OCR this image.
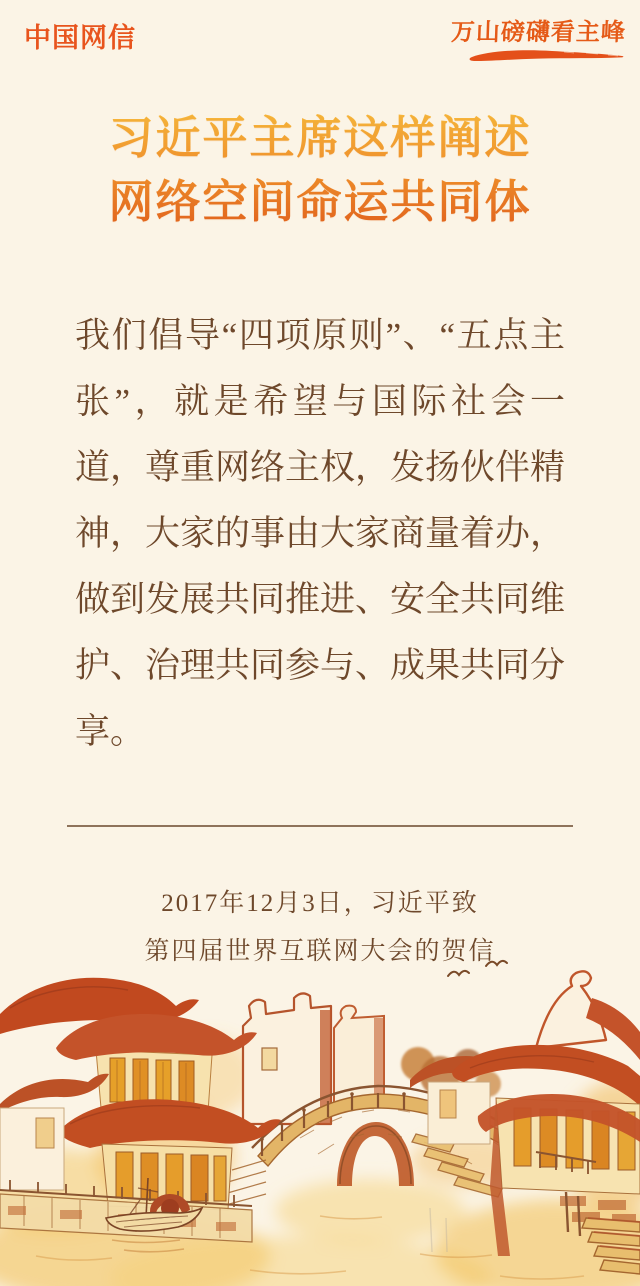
中国网信	万山磅礴看主峰
习近平主席这样阐述
网络空间命运共同体

我们倡导“四项原则”、“五点主张”，就是希望与国际社会一道，尊重网络主权，发扬伙伴精神，大家的事由大家商量着办，做到发展共同推进、安全共同维护、治理共同参与、成果共同分享。

2017年12月3日，习近平致
第四届世界互联网大会的贺信
